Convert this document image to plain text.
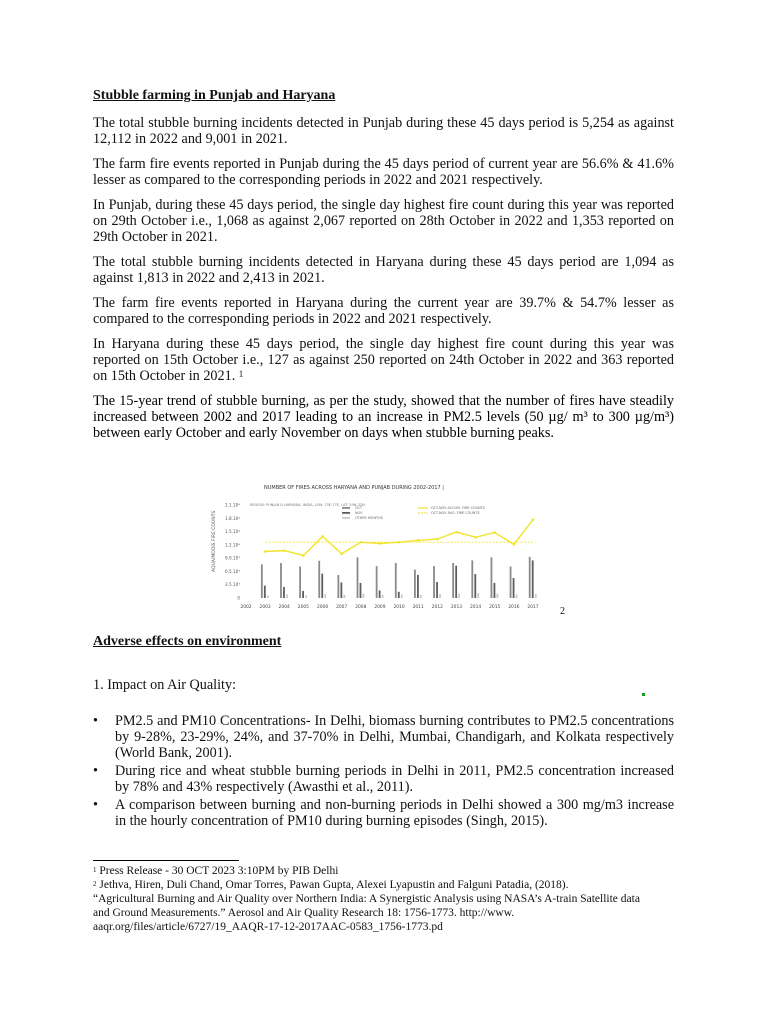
Stubble farming in Punjab and Haryana

The total stubble burning incidents detected in Punjab during these 45 days period is 5,254 as against 12,112 in 2022 and 9,001 in 2021.

The farm fire events reported in Punjab during the 45 days period of current year are 56.6% & 41.6% lesser as compared to the corresponding periods in 2022 and 2021 respectively.

In Punjab, during these 45 days period, the single day highest fire count during this year was reported on 29th October i.e., 1,068 as against 2,067 reported on 28th October in 2022 and 1,353 reported on 29th October in 2021.

The total stubble burning incidents detected in Haryana during these 45 days period are 1,094 as against 1,813 in 2022 and 2,413 in 2021.

The farm fire events reported in Haryana during the current year are 39.7% & 54.7% lesser as compared to the corresponding periods in 2022 and 2021 respectively.

In Haryana during these 45 days period, the single day highest fire count during this year was reported on 15th October i.e., 127 as against 250 reported on 24th October in 2022 and 363 reported on 15th October in 2021. $^1$

The 15-year trend of stubble burning, as per the study, showed that the number of fires have steadily increased between 2002 and 2017 leading to an increase in PM2.5 levels (50 µg/ m³ to 300 µg/m³) between early October and early November on days when stubble burning peaks.

NUMBER OF FIRES ACROSS HARYANA AND PUNJAB DURING 2002-2017 |
AQUA/MODIS FIRE COUNTS
REGION: PUNJAB & HARYANA, INDIA, LON: 73E-77E, LAT: 29N-32N
OCT
NOV
OTHER MONTHS
OCT-NOV ACCUM. FIRE COUNTS
OCT-NOV AVG. FIRE COUNTS
0
3.5.10³
6.5.10³
9.0.10³
1.2.10⁴
1.5.10⁴
1.8.10⁴
2.1.10⁴
2002 2003 2004 2005 2006 2007 2008 2009 2010 2011 2012 2013 2014 2015 2016 2017 2
Adverse effects on environment
1. Impact on Air Quality:
• PM2.5 and PM10 Concentrations- In Delhi, biomass burning contributes to PM2.5 concentrations by 9-28%, 23-29%, 24%, and 37-70% in Delhi, Mumbai, Chandigarh, and Kolkata respectively (World Bank, 2001).
• During rice and wheat stubble burning periods in Delhi in 2011, PM2.5 concentration increased by 78% and 43% respectively (Awasthi et al., 2011).
• A comparison between burning and non-burning periods in Delhi showed a 300 mg/m3 increase in the hourly concentration of PM10 during burning episodes (Singh, 2015).
$^1$ Press Release - 30 OCT 2023 3:10PM by PIB Delhi
$^2$ Jethva, Hiren, Duli Chand, Omar Torres, Pawan Gupta, Alexei Lyapustin and Falguni Patadia, (2018).
“Agricultural Burning and Air Quality over Northern India: A Synergistic Analysis using NASA’s A-train Satellite data and Ground Measurements.” Aerosol and Air Quality Research 18: 1756-1773. http://www. aaqr.org/files/article/6727/19_AAQR-17-12-2017AAC-0583_1756-1773.pd
